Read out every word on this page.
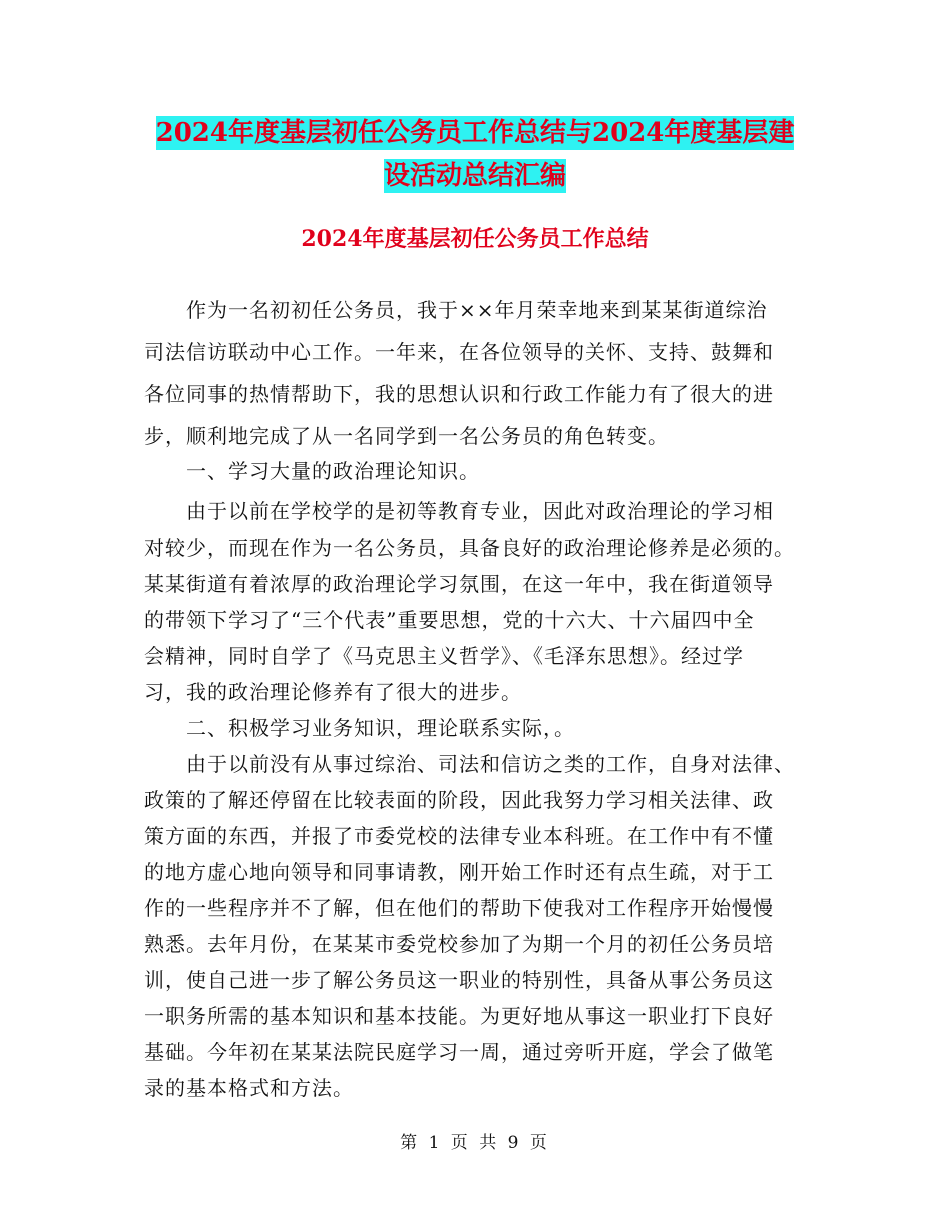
2024年度基层初任公务员工作总结与2024年度基层建
设活动总结汇编
2024年度基层初任公务员工作总结
　　作为一名初初任公务员，我于××年月荣幸地来到某某街道综治
司法信访联动中心工作。一年来，在各位领导的关怀、支持、鼓舞和
各位同事的热情帮助下，我的思想认识和行政工作能力有了很大的进
步，顺利地完成了从一名同学到一名公务员的角色转变。
　　一、学习大量的政治理论知识。
　　由于以前在学校学的是初等教育专业，因此对政治理论的学习相
对较少，而现在作为一名公务员，具备良好的政治理论修养是必须的。
某某街道有着浓厚的政治理论学习氛围，在这一年中，我在街道领导
的带领下学习了“三个代表”重要思想，党的十六大、十六届四中全
会精神，同时自学了《马克思主义哲学》、《毛泽东思想》。经过学
习，我的政治理论修养有了很大的进步。
　　二、积极学习业务知识，理论联系实际，。
　　由于以前没有从事过综治、司法和信访之类的工作，自身对法律、
政策的了解还停留在比较表面的阶段，因此我努力学习相关法律、政
策方面的东西，并报了市委党校的法律专业本科班。在工作中有不懂
的地方虚心地向领导和同事请教，刚开始工作时还有点生疏，对于工
作的一些程序并不了解，但在他们的帮助下使我对工作程序开始慢慢
熟悉。去年月份，在某某市委党校参加了为期一个月的初任公务员培
训，使自己进一步了解公务员这一职业的特别性，具备从事公务员这
一职务所需的基本知识和基本技能。为更好地从事这一职业打下良好
基础。今年初在某某法院民庭学习一周，通过旁听开庭，学会了做笔
录的基本格式和方法。
第 1 页 共 9 页
